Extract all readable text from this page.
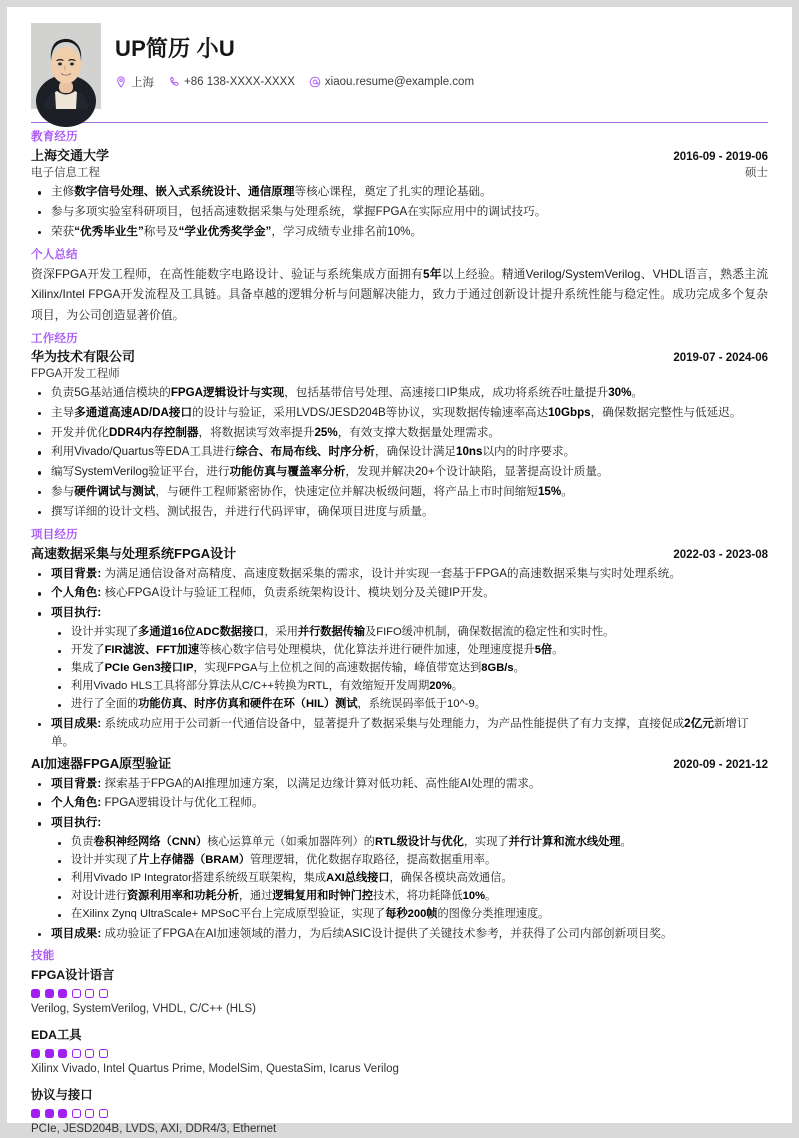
UP简历 小U
上海	+86 138-XXXX-XXXX	xiaou.resume@example.com
教育经历
上海交通大学	2016-09 - 2019-06
电子信息工程	硕士
主修数字信号处理、嵌入式系统设计、通信原理等核心课程，奠定了扎实的理论基础。
参与多项实验室科研项目，包括高速数据采集与处理系统，掌握FPGA在实际应用中的调试技巧。
荣获“优秀毕业生”称号及“学业优秀奖学金”，学习成绩专业排名前10%。
个人总结
资深FPGA开发工程师，在高性能数字电路设计、验证与系统集成方面拥有5年以上经验。精通Verilog/SystemVerilog、VHDL语言，熟悉主流Xilinx/Intel FPGA开发流程及工具链。具备卓越的逻辑分析与问题解决能力，致力于通过创新设计提升系统性能与稳定性。成功完成多个复杂项目，为公司创造显著价值。
工作经历
华为技术有限公司	2019-07 - 2024-06
FPGA开发工程师
负责5G基站通信模块的FPGA逻辑设计与实现，包括基带信号处理、高速接口IP集成，成功将系统吞吐量提升30%。
主导多通道高速AD/DA接口的设计与验证，采用LVDS/JESD204B等协议，实现数据传输速率高达10Gbps，确保数据完整性与低延迟。
开发并优化DDR4内存控制器，将数据读写效率提升25%，有效支撑大数据量处理需求。
利用Vivado/Quartus等EDA工具进行综合、布局布线、时序分析，确保设计满足10ns以内的时序要求。
编写SystemVerilog验证平台，进行功能仿真与覆盖率分析，发现并解决20+个设计缺陷，显著提高设计质量。
参与硬件调试与测试，与硬件工程师紧密协作，快速定位并解决板级问题，将产品上市时间缩短15%。
撰写详细的设计文档、测试报告，并进行代码评审，确保项目进度与质量。
项目经历
高速数据采集与处理系统FPGA设计	2022-03 - 2023-08
项目背景: 为满足通信设备对高精度、高速度数据采集的需求，设计并实现一套基于FPGA的高速数据采集与实时处理系统。
个人角色: 核心FPGA设计与验证工程师，负责系统架构设计、模块划分及关键IP开发。
项目执行:
设计并实现了多通道16位ADC数据接口，采用并行数据传输及FIFO缓冲机制，确保数据流的稳定性和实时性。
开发了FIR滤波、FFT加速等核心数字信号处理模块，优化算法并进行硬件加速，处理速度提升5倍。
集成了PCIe Gen3接口IP，实现FPGA与上位机之间的高速数据传输，峰值带宽达到8GB/s。
利用Vivado HLS工具将部分算法从C/C++转换为RTL，有效缩短开发周期20%。
进行了全面的功能仿真、时序仿真和硬件在环（HIL）测试，系统误码率低于10^-9。
项目成果: 系统成功应用于公司新一代通信设备中，显著提升了数据采集与处理能力，为产品性能提供了有力支撑，直接促成2亿元新增订单。
AI加速器FPGA原型验证	2020-09 - 2021-12
项目背景: 探索基于FPGA的AI推理加速方案，以满足边缘计算对低功耗、高性能AI处理的需求。
个人角色: FPGA逻辑设计与优化工程师。
项目执行:
负责卷积神经网络（CNN）核心运算单元（如乘加器阵列）的RTL级设计与优化，实现了并行计算和流水线处理。
设计并实现了片上存储器（BRAM）管理逻辑，优化数据存取路径，提高数据重用率。
利用Vivado IP Integrator搭建系统级互联架构，集成AXI总线接口，确保各模块高效通信。
对设计进行资源利用率和功耗分析，通过逻辑复用和时钟门控技术，将功耗降低10%。
在Xilinx Zynq UltraScale+ MPSoC平台上完成原型验证，实现了每秒200帧的图像分类推理速度。
项目成果: 成功验证了FPGA在AI加速领域的潜力，为后续ASIC设计提供了关键技术参考，并获得了公司内部创新项目奖。
技能
FPGA设计语言
Verilog, SystemVerilog, VHDL, C/C++ (HLS)
EDA工具
Xilinx Vivado, Intel Quartus Prime, ModelSim, QuestaSim, Icarus Verilog
协议与接口
PCIe, JESD204B, LVDS, AXI, DDR4/3, Ethernet
